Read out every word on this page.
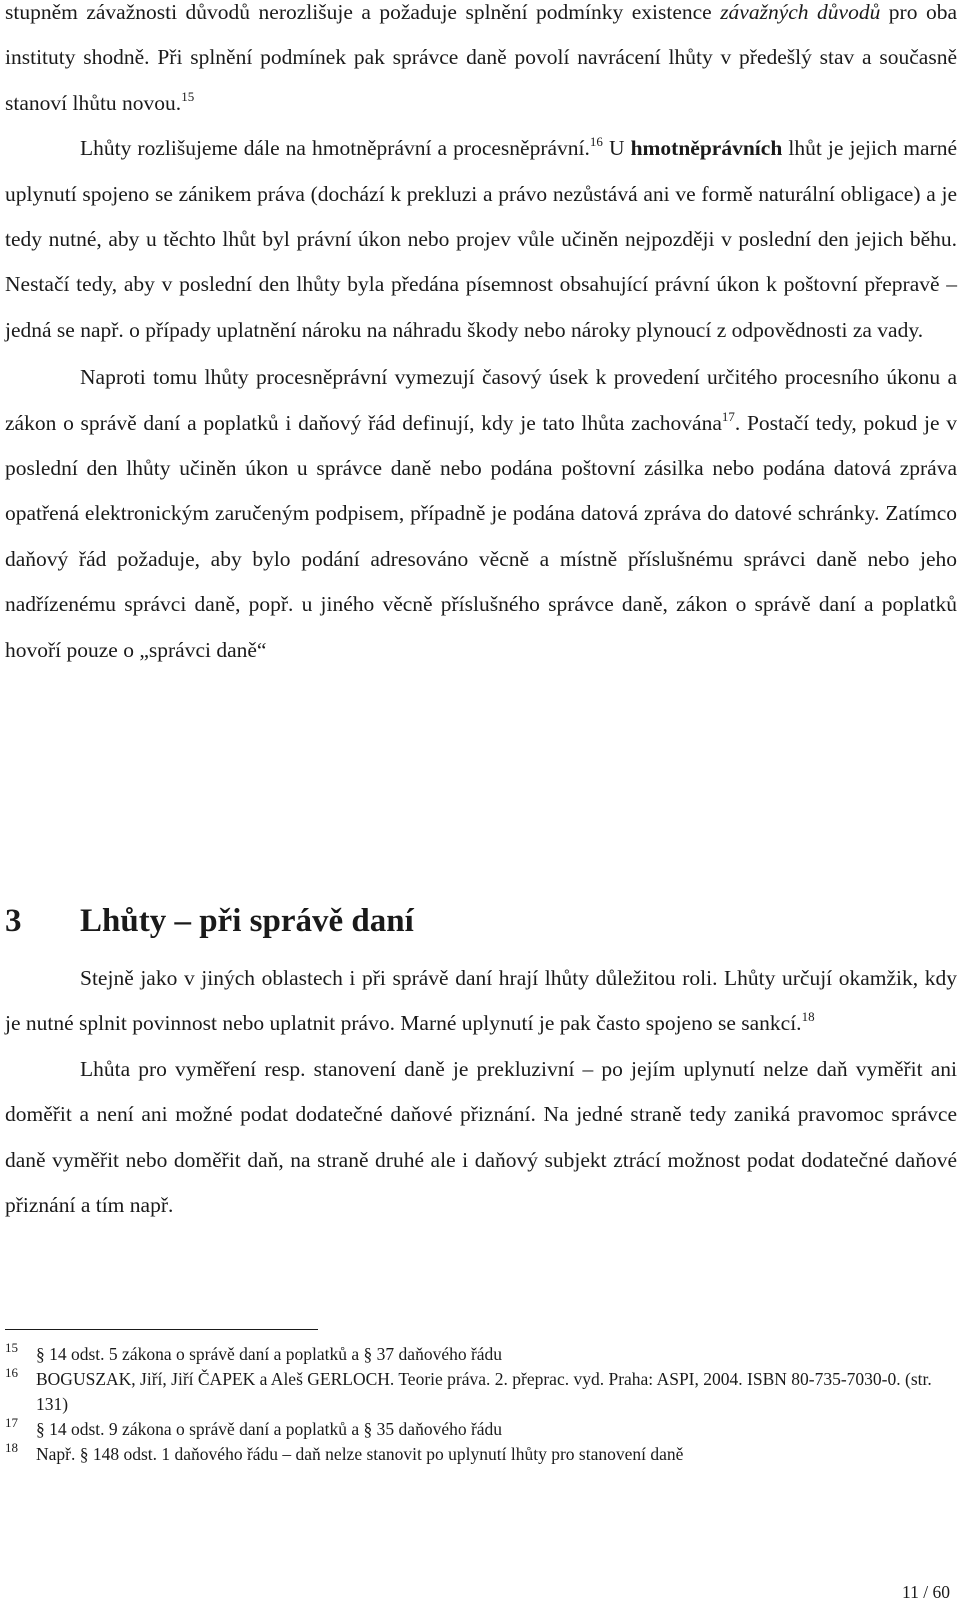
stupněm závažnosti důvodů nerozlišuje a požaduje splnění podmínky existence závažných důvodů pro oba instituty shodně. Při splnění podmínek pak správce daně povolí navrácení lhůty v předešlý stav a současně stanoví lhůtu novou.$^{15}$

Lhůty rozlišujeme dále na hmotněprávní a procesněprávní.$^{16}$ U hmotněprávních lhůt je jejich marné uplynutí spojeno se zánikem práva (dochází k prekluzi a právo nezůstává ani ve formě naturální obligace) a je tedy nutné, aby u těchto lhůt byl právní úkon nebo projev vůle učiněn nejpozději v poslední den jejich běhu. Nestačí tedy, aby v poslední den lhůty byla předána písemnost obsahující právní úkon k poštovní přepravě – jedná se např. o případy uplatnění nároku na náhradu škody nebo nároky plynoucí z odpovědnosti za vady.

Naproti tomu lhůty procesněprávní vymezují časový úsek k provedení určitého procesního úkonu a zákon o správě daní a poplatků i daňový řád definují, kdy je tato lhůta zachována$^{17}$. Postačí tedy, pokud je v poslední den lhůty učiněn úkon u správce daně nebo podána poštovní zásilka nebo podána datová zpráva opatřená elektronickým zaručeným podpisem, případně je podána datová zpráva do datové schránky. Zatímco daňový řád požaduje, aby bylo podání adresováno věcně a místně příslušnému správci daně nebo jeho nadřízenému správci daně, popř. u jiného věcně příslušného správce daně, zákon o správě daní a poplatků hovoří pouze o „správci daně“

3 Lhůty – při správě daní

Stejně jako v jiných oblastech i při správě daní hrají lhůty důležitou roli. Lhůty určují okamžik, kdy je nutné splnit povinnost nebo uplatnit právo. Marné uplynutí je pak často spojeno se sankcí.$^{18}$

Lhůta pro vyměření resp. stanovení daně je prekluzivní – po jejím uplynutí nelze daň vyměřit ani doměřit a není ani možné podat dodatečné daňové přiznání. Na jedné straně tedy zaniká pravomoc správce daně vyměřit nebo doměřit daň, na straně druhé ale i daňový subjekt ztrácí možnost podat dodatečné daňové přiznání a tím např.

15 § 14 odst. 5 zákona o správě daní a poplatků a § 37 daňového řádu
16 BOGUSZAK, Jiří, Jiří ČAPEK a Aleš GERLOCH. Teorie práva. 2. přeprac. vyd. Praha: ASPI, 2004. ISBN 80-735-7030-0. (str. 131)
17 § 14 odst. 9 zákona o správě daní a poplatků a § 35 daňového řádu
18 Např. § 148 odst. 1 daňového řádu – daň nelze stanovit po uplynutí lhůty pro stanovení daně
11 / 60
